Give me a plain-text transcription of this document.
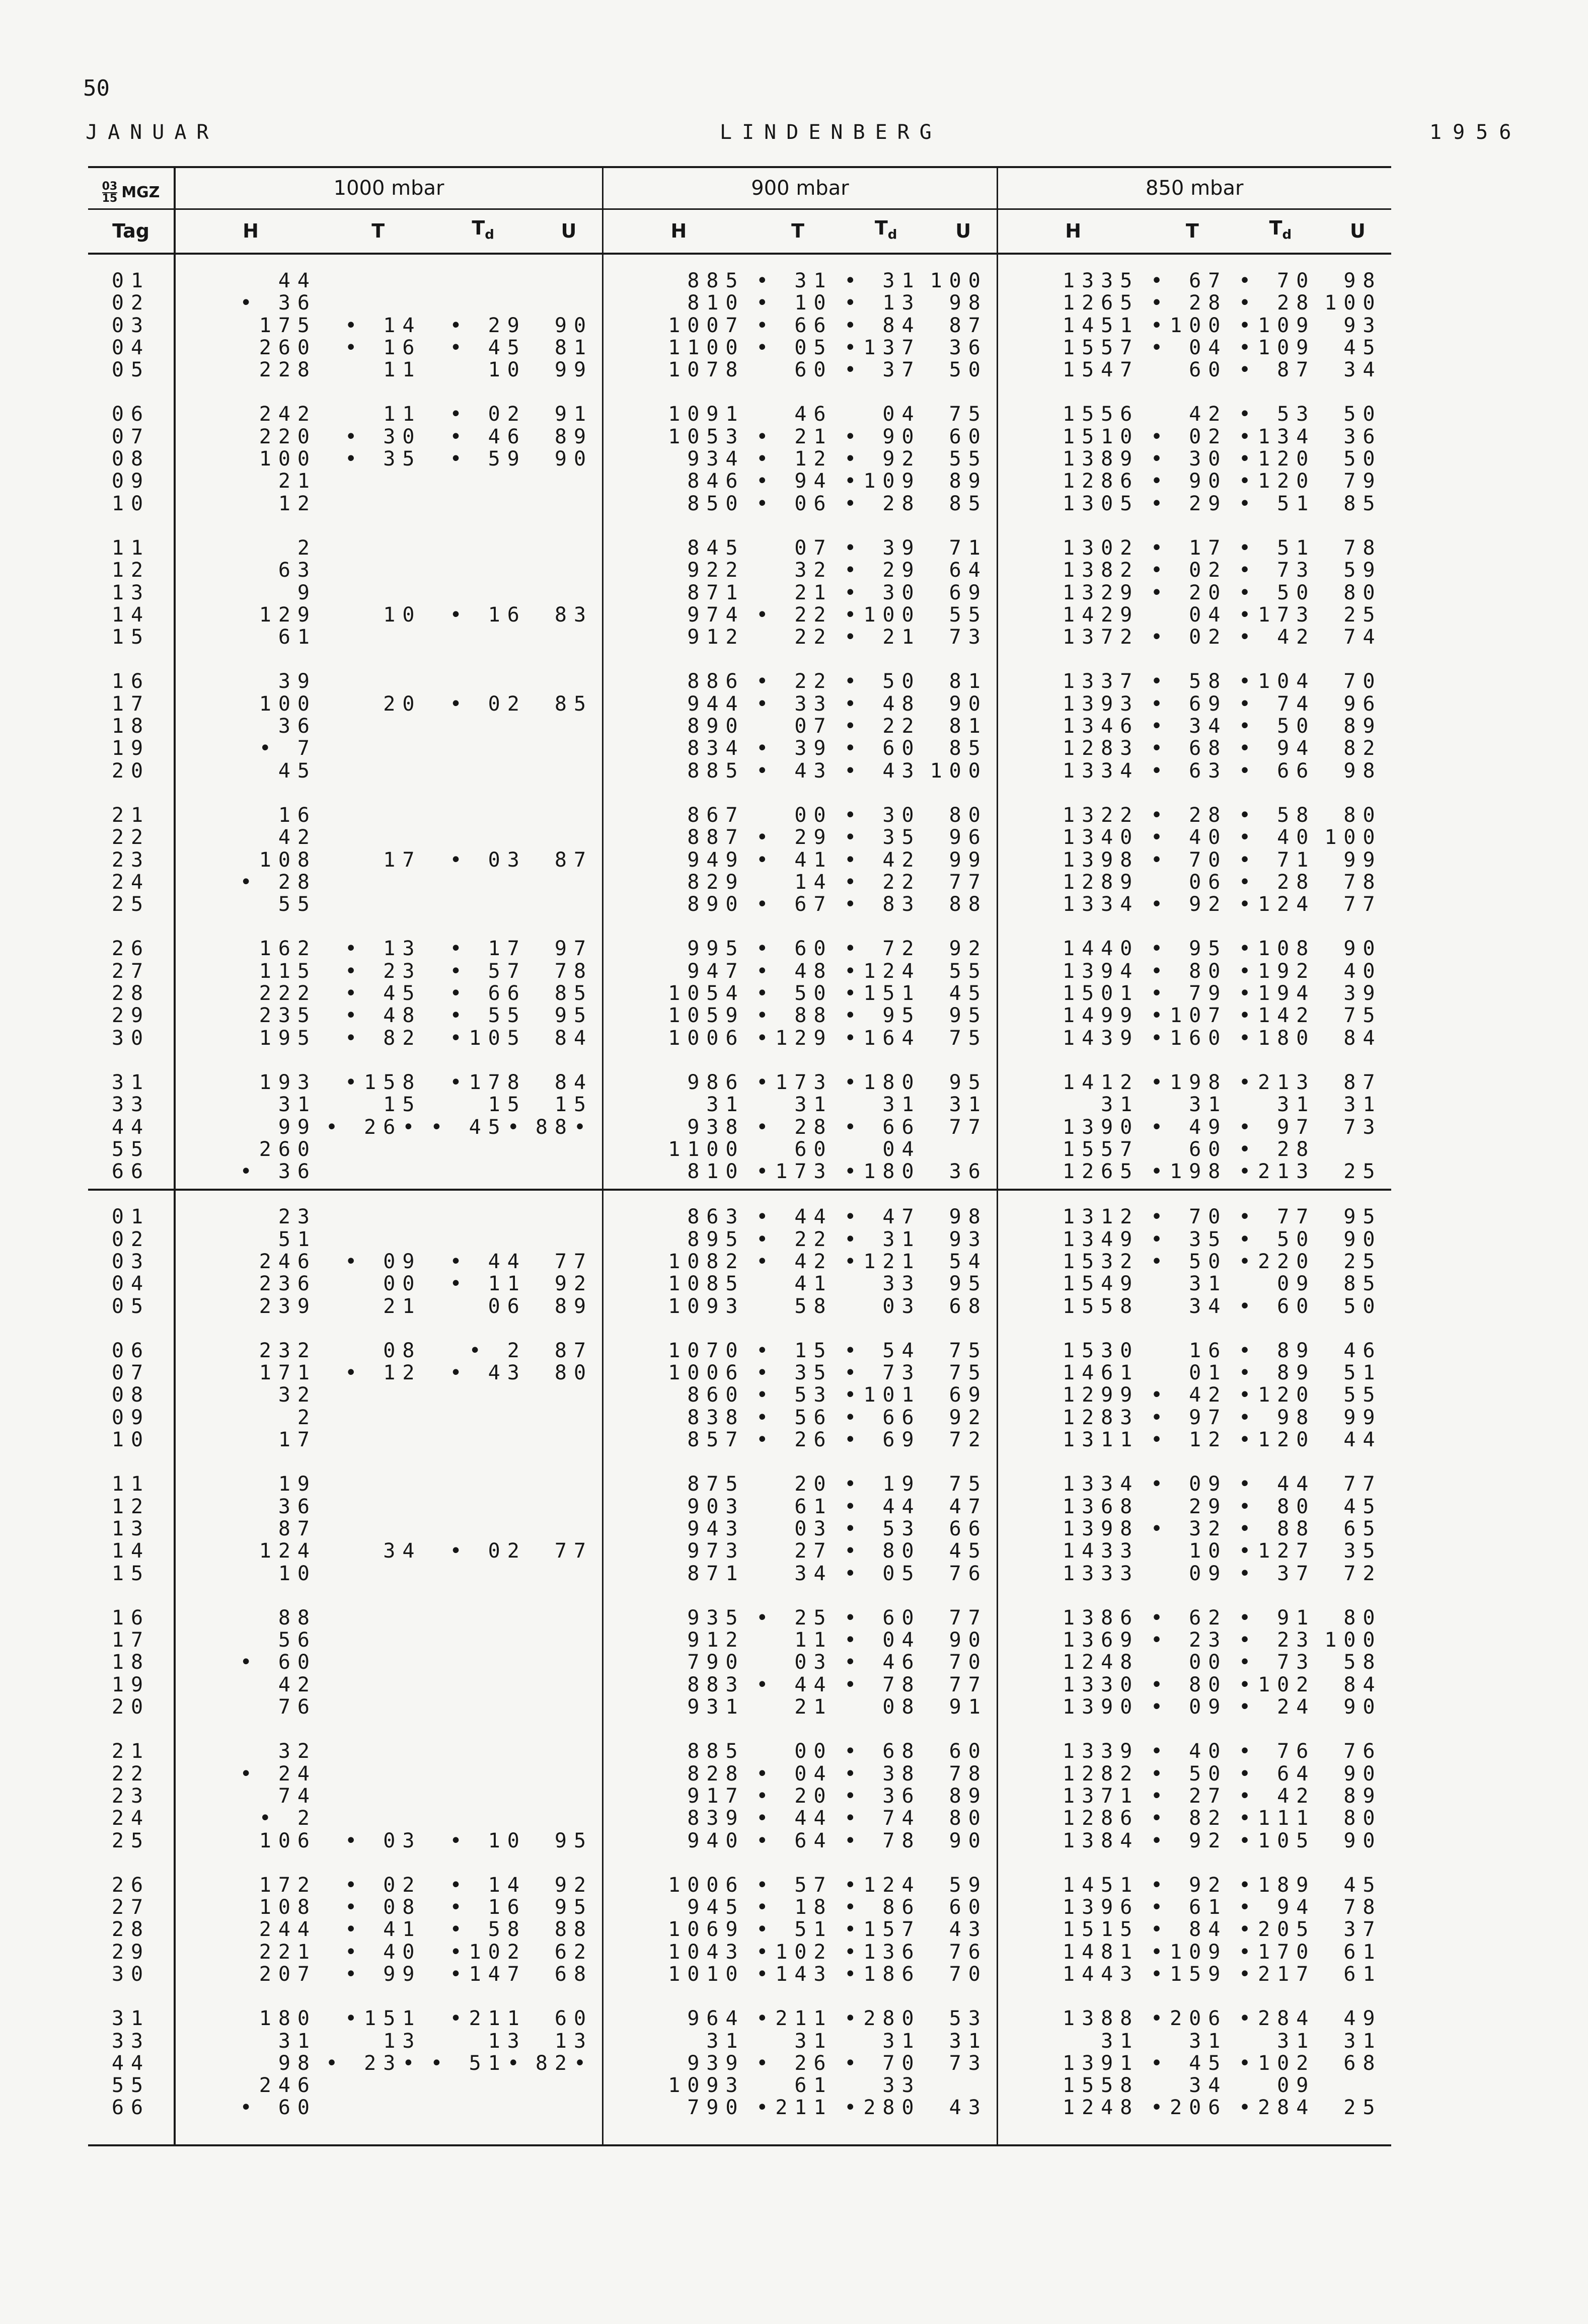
50
JANUAR	LINDENBERG	1956
$\frac{03}{15}$ MGZ	1000 mbar				900 mbar				850 mbar			
Tag	H	T	$T_d$	U	H	T	$T_d$	U	H	T	$T_d$	U

01	44				885	• 31	• 31	100	1335	• 67	• 70	98
02	• 36				810	• 10	• 13	98	1265	• 28	• 28	100
03	175	• 14	• 29	90	1007	• 66	• 84	87	1451	•100	•109	93
04	260	• 16	• 45	81	1100	• 05	•137	36	1557	• 04	•109	45
05	228	11	10	99	1078	60	• 37	50	1547	60	• 87	34

06	242	11	• 02	91	1091	46	04	75	1556	42	• 53	50
07	220	• 30	• 46	89	1053	• 21	• 90	60	1510	• 02	•134	36
08	100	• 35	• 59	90	934	• 12	• 92	55	1389	• 30	•120	50
09	21				846	• 94	•109	89	1286	• 90	•120	79
10	12				850	• 06	• 28	85	1305	• 29	• 51	85

11	2				845	07	• 39	71	1302	• 17	• 51	78
12	63				922	32	• 29	64	1382	• 02	• 73	59
13	9				871	21	• 30	69	1329	• 20	• 50	80
14	129	10	• 16	83	974	• 22	•100	55	1429	04	•173	25
15	61				912	22	• 21	73	1372	• 02	• 42	74

16	39				886	• 22	• 50	81	1337	• 58	•104	70
17	100	20	• 02	85	944	• 33	• 48	90	1393	• 69	• 74	96
18	36				890	07	• 22	81	1346	• 34	• 50	89
19	• 7				834	• 39	• 60	85	1283	• 68	• 94	82
20	45				885	• 43	• 43	100	1334	• 63	• 66	98

21	16				867	00	• 30	80	1322	• 28	• 58	80
22	42				887	• 29	• 35	96	1340	• 40	• 40	100
23	108	17	• 03	87	949	• 41	• 42	99	1398	• 70	• 71	99
24	• 28				829	14	• 22	77	1289	06	• 28	78
25	55				890	• 67	• 83	88	1334	• 92	•124	77

26	162	• 13	• 17	97	995	• 60	• 72	92	1440	• 95	•108	90
27	115	• 23	• 57	78	947	• 48	•124	55	1394	• 80	•192	40
28	222	• 45	• 66	85	1054	• 50	•151	45	1501	• 79	•194	39
29	235	• 48	• 55	95	1059	• 88	• 95	95	1499	•107	•142	75
30	195	• 82	•105	84	1006	•129	•164	75	1439	•160	•180	84

31	193	•158	•178	84	986	•173	•180	95	1412	•198	•213	87
33	31	15	15	15	31	31	31	31	31	31	31	31
44	99	• 26•	• 45•	88•	938	• 28	• 66	77	1390	• 49	• 97	73
55	260				1100	60	04		1557	60	• 28	
66	• 36				810	•173	•180	36	1265	•198	•213	25

01	23				863	• 44	• 47	98	1312	• 70	• 77	95
02	51				895	• 22	• 31	93	1349	• 35	• 50	90
03	246	• 09	• 44	77	1082	• 42	•121	54	1532	• 50	•220	25
04	236	00	• 11	92	1085	41	33	95	1549	31	09	85
05	239	21	06	89	1093	58	03	68	1558	34	• 60	50

06	232	08	• 2	87	1070	• 15	• 54	75	1530	16	• 89	46
07	171	• 12	• 43	80	1006	• 35	• 73	75	1461	01	• 89	51
08	32				860	• 53	•101	69	1299	• 42	•120	55
09	2				838	• 56	• 66	92	1283	• 97	• 98	99
10	17				857	• 26	• 69	72	1311	• 12	•120	44

11	19				875	20	• 19	75	1334	• 09	• 44	77
12	36				903	61	• 44	47	1368	29	• 80	45
13	87				943	03	• 53	66	1398	• 32	• 88	65
14	124	34	• 02	77	973	27	• 80	45	1433	10	•127	35
15	10				871	34	• 05	76	1333	09	• 37	72

16	88				935	• 25	• 60	77	1386	• 62	• 91	80
17	56				912	11	• 04	90	1369	• 23	• 23	100
18	• 60				790	03	• 46	70	1248	00	• 73	58
19	42				883	• 44	• 78	77	1330	• 80	•102	84
20	76				931	21	08	91	1390	• 09	• 24	90

21	32				885	00	• 68	60	1339	• 40	• 76	76
22	• 24				828	• 04	• 38	78	1282	• 50	• 64	90
23	74				917	• 20	• 36	89	1371	• 27	• 42	89
24	• 2				839	• 44	• 74	80	1286	• 82	•111	80
25	106	• 03	• 10	95	940	• 64	• 78	90	1384	• 92	•105	90

26	172	• 02	• 14	92	1006	• 57	•124	59	1451	• 92	•189	45
27	108	• 08	• 16	95	945	• 18	• 86	60	1396	• 61	• 94	78
28	244	• 41	• 58	88	1069	• 51	•157	43	1515	• 84	•205	37
29	221	• 40	•102	62	1043	•102	•136	76	1481	•109	•170	61
30	207	• 99	•147	68	1010	•143	•186	70	1443	•159	•217	61

31	180	•151	•211	60	964	•211	•280	53	1388	•206	•284	49
33	31	13	13	13	31	31	31	31	31	31	31	31
44	98	• 23•	• 51•	82•	939	• 26	• 70	73	1391	• 45	•102	68
55	246				1093	61	33		1558	34	09	
66	• 60				790	•211	•280	43	1248	•206	•284	25
